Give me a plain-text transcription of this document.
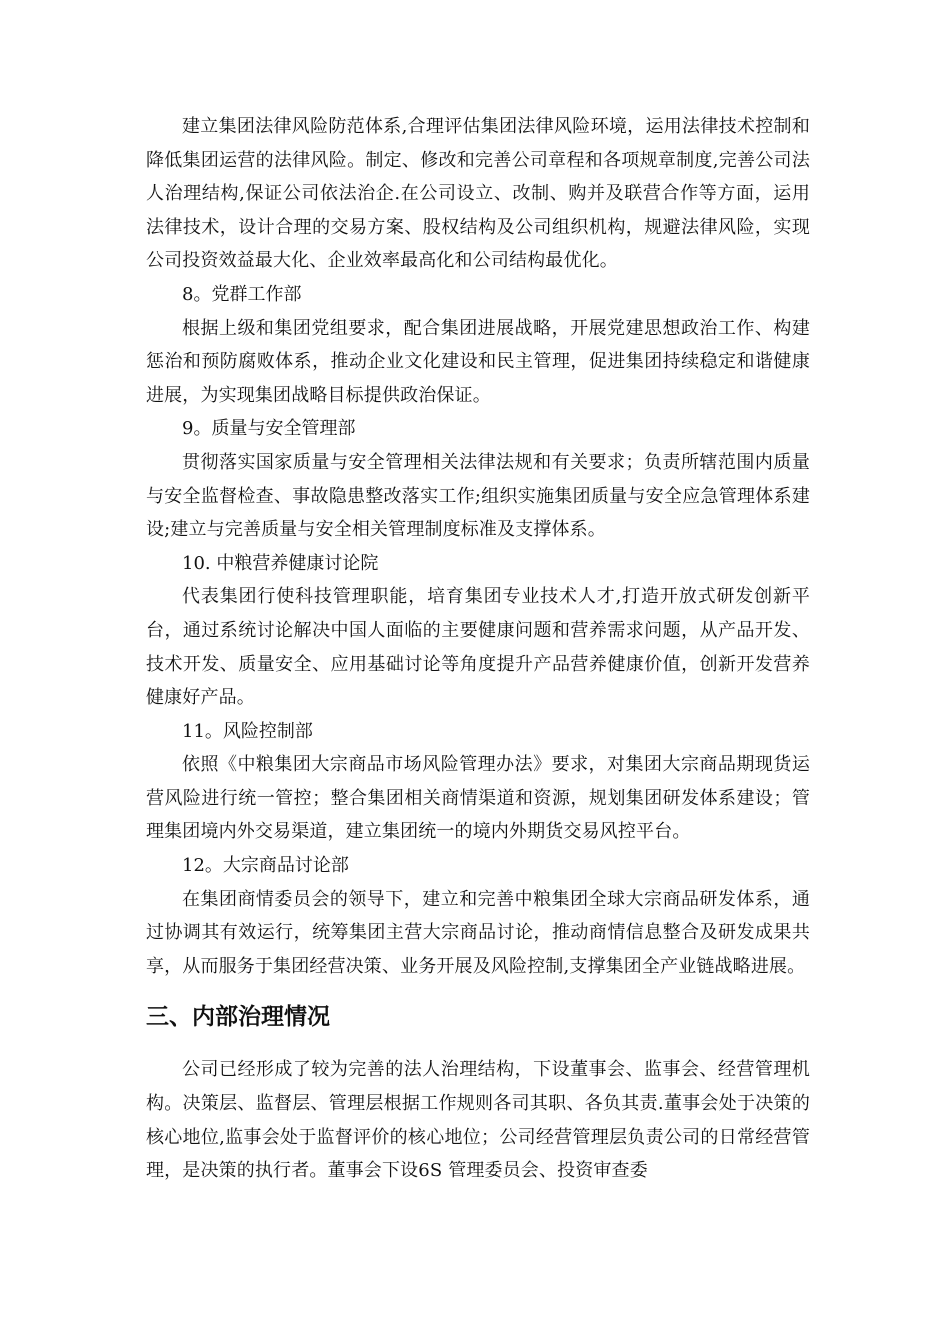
建立集团法律风险防范体系,合理评估集团法律风险环境，运用法律技术控制和降低集团运营的法律风险。制定、修改和完善公司章程和各项规章制度,完善公司法人治理结构,保证公司依法治企.在公司设立、改制、购并及联营合作等方面，运用法律技术，设计合理的交易方案、股权结构及公司组织机构，规避法律风险，实现公司投资效益最大化、企业效率最高化和公司结构最优化。

8。党群工作部

根据上级和集团党组要求，配合集团进展战略，开展党建思想政治工作、构建惩治和预防腐败体系，推动企业文化建设和民主管理，促进集团持续稳定和谐健康进展，为实现集团战略目标提供政治保证。

9。质量与安全管理部

贯彻落实国家质量与安全管理相关法律法规和有关要求；负责所辖范围内质量与安全监督检查、事故隐患整改落实工作;组织实施集团质量与安全应急管理体系建设;建立与完善质量与安全相关管理制度标准及支撑体系。

10. 中粮营养健康讨论院

代表集团行使科技管理职能，培育集团专业技术人才,打造开放式研发创新平台，通过系统讨论解决中国人面临的主要健康问题和营养需求问题，从产品开发、技术开发、质量安全、应用基础讨论等角度提升产品营养健康价值，创新开发营养健康好产品。

11。风险控制部

依照《中粮集团大宗商品市场风险管理办法》要求，对集团大宗商品期现货运营风险进行统一管控；整合集团相关商情渠道和资源，规划集团研发体系建设；管理集团境内外交易渠道，建立集团统一的境内外期货交易风控平台。

12。大宗商品讨论部

在集团商情委员会的领导下，建立和完善中粮集团全球大宗商品研发体系，通过协调其有效运行，统筹集团主营大宗商品讨论，推动商情信息整合及研发成果共享，从而服务于集团经营决策、业务开展及风险控制,支撑集团全产业链战略进展。

三、内部治理情况

公司已经形成了较为完善的法人治理结构，下设董事会、监事会、经营管理机构。决策层、监督层、管理层根据工作规则各司其职、各负其责.董事会处于决策的核心地位,监事会处于监督评价的核心地位；公司经营管理层负责公司的日常经营管理，是决策的执行者。董事会下设6S 管理委员会、投资审查委
